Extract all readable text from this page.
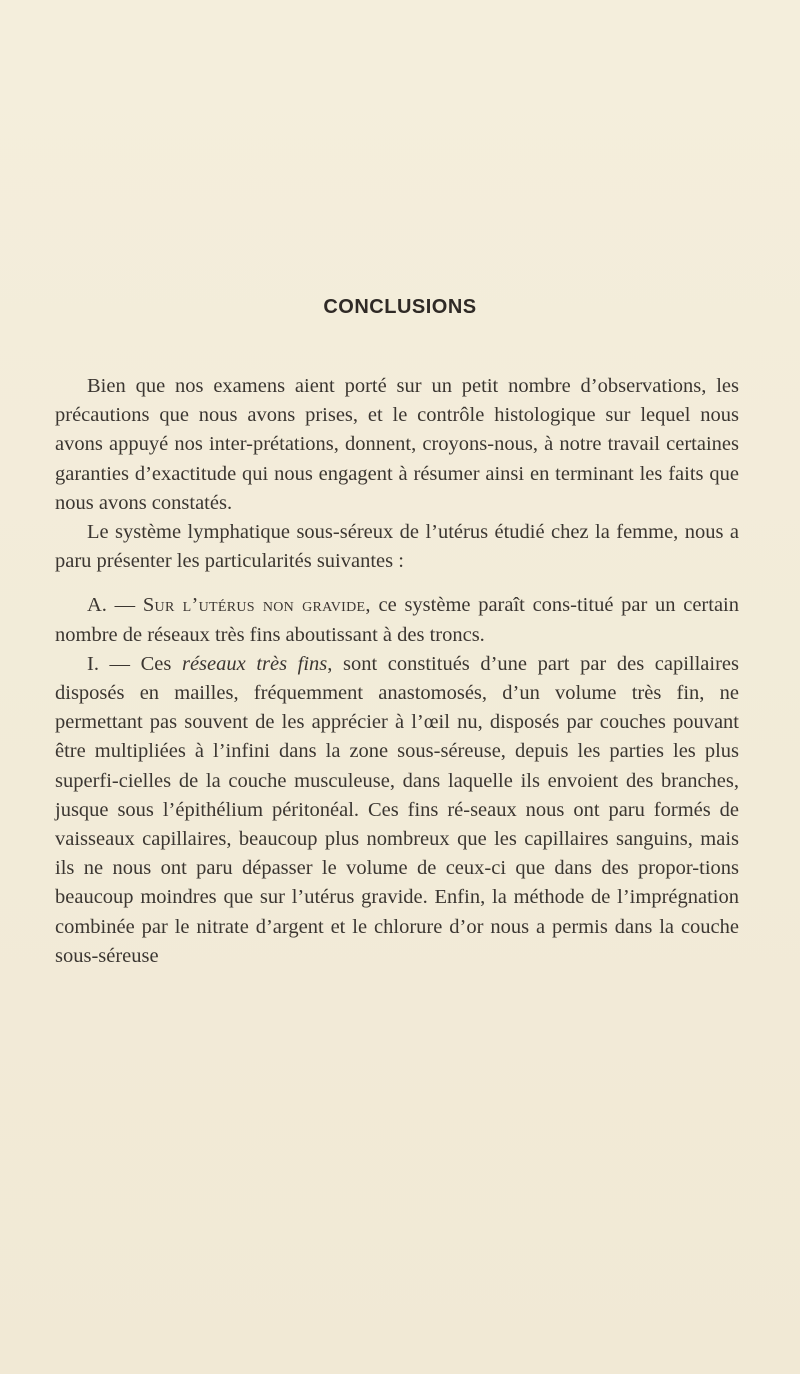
CONCLUSIONS

Bien que nos examens aient porté sur un petit nombre d’observations, les précautions que nous avons prises, et le contrôle histologique sur lequel nous avons appuyé nos inter-prétations, donnent, croyons-nous, à notre travail certaines garanties d’exactitude qui nous engagent à résumer ainsi en terminant les faits que nous avons constatés.

Le système lymphatique sous-séreux de l’utérus étudié chez la femme, nous a paru présenter les particularités suivantes :

A. — Sur l’utérus non gravide, ce système paraît cons-titué par un certain nombre de réseaux très fins aboutissant à des troncs.

I. — Ces réseaux très fins, sont constitués d’une part par des capillaires disposés en mailles, fréquemment anastomosés, d’un volume très fin, ne permettant pas souvent de les apprécier à l’œil nu, disposés par couches pouvant être multipliées à l’infini dans la zone sous-séreuse, depuis les parties les plus superfi-cielles de la couche musculeuse, dans laquelle ils envoient des branches, jusque sous l’épithélium péritonéal. Ces fins ré-seaux nous ont paru formés de vaisseaux capillaires, beaucoup plus nombreux que les capillaires sanguins, mais ils ne nous ont paru dépasser le volume de ceux-ci que dans des propor-tions beaucoup moindres que sur l’utérus gravide. Enfin, la méthode de l’imprégnation combinée par le nitrate d’argent et le chlorure d’or nous a permis dans la couche sous-séreuse
